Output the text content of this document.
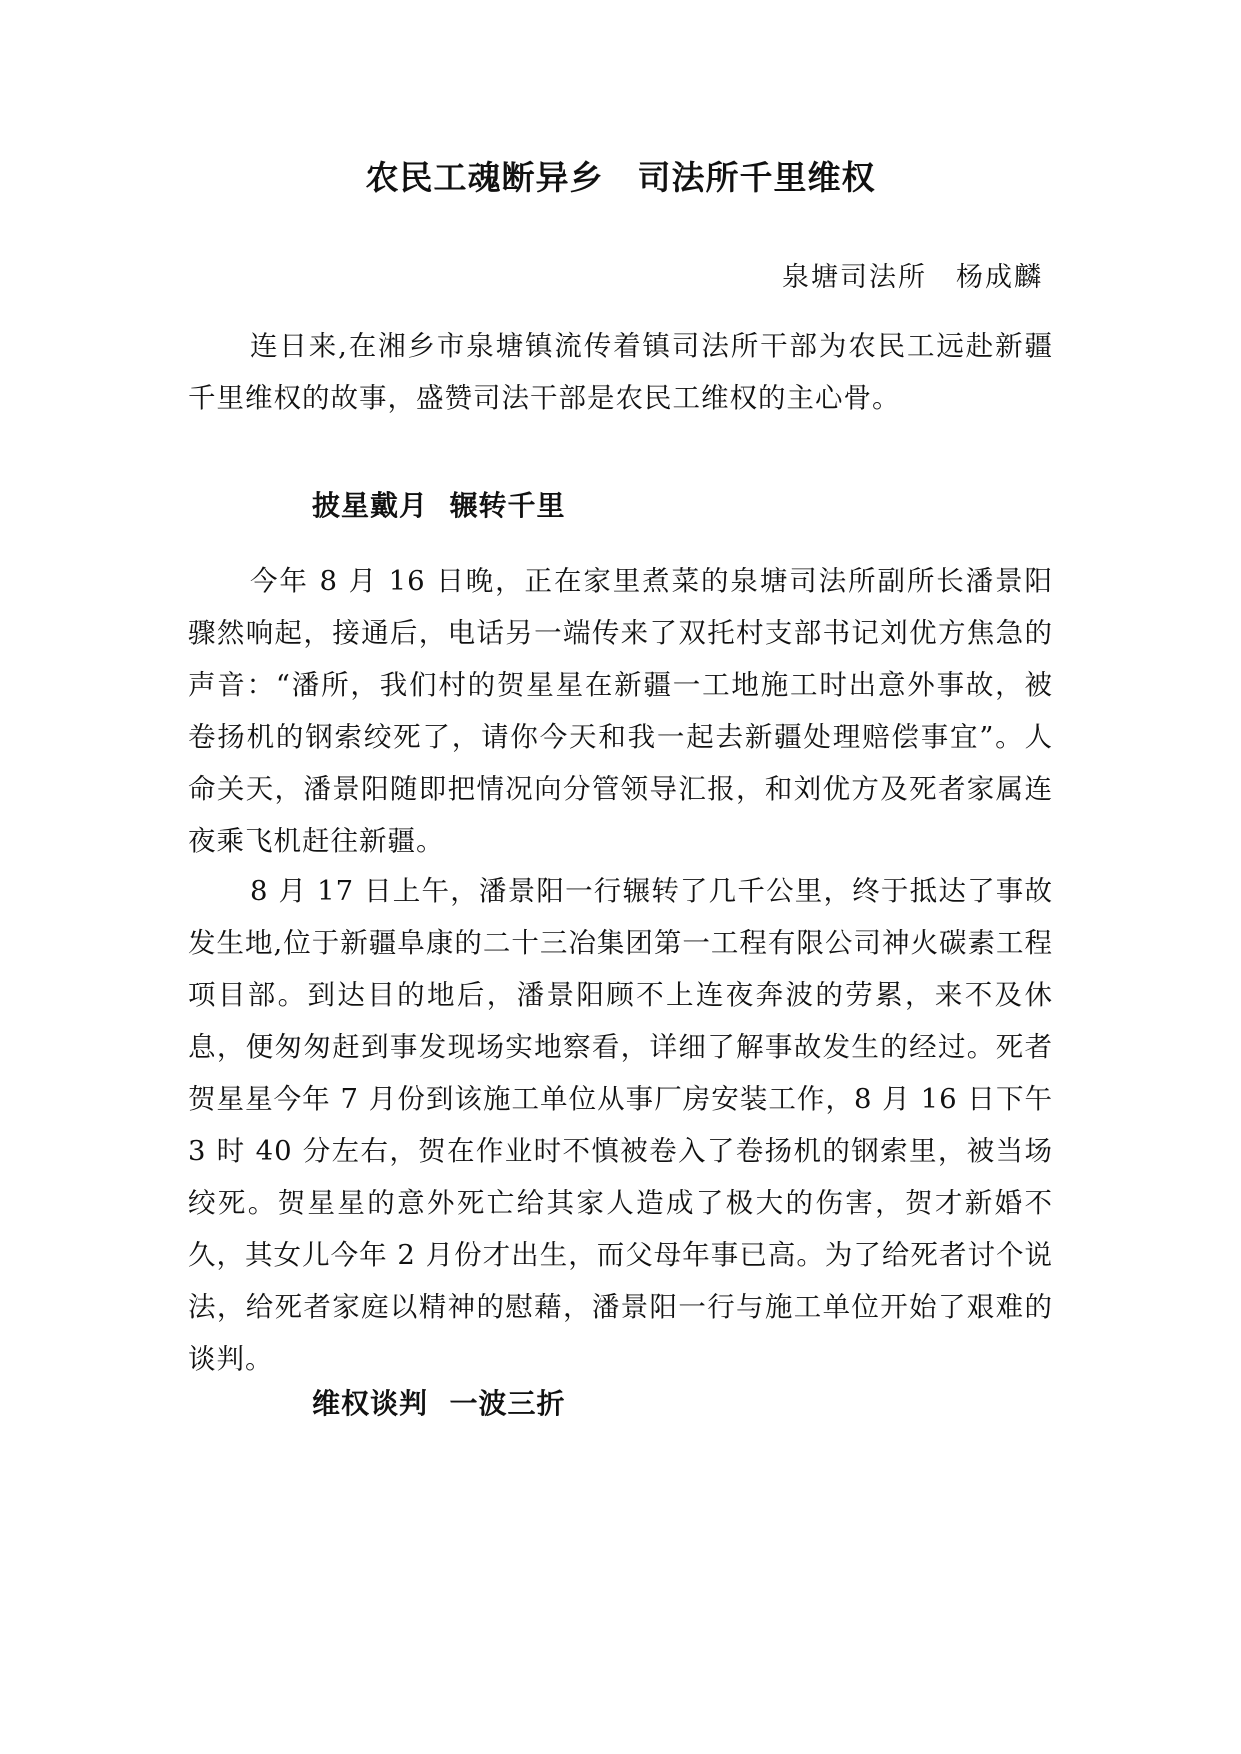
农民工魂断异乡　司法所千里维权
泉塘司法所　杨成麟

连日来,在湘乡市泉塘镇流传着镇司法所干部为农民工远赴新疆千里维权的故事，盛赞司法干部是农民工维权的主心骨。

披星戴月  辗转千里

今年 8 月 16 日晚，正在家里煮菜的泉塘司法所副所长潘景阳骤然响起，接通后，电话另一端传来了双托村支部书记刘优方焦急的声音：“潘所，我们村的贺星星在新疆一工地施工时出意外事故，被卷扬机的钢索绞死了，请你今天和我一起去新疆处理赔偿事宜”。人命关天，潘景阳随即把情况向分管领导汇报，和刘优方及死者家属连夜乘飞机赶往新疆。

8 月 17 日上午，潘景阳一行辗转了几千公里，终于抵达了事故发生地,位于新疆阜康的二十三冶集团第一工程有限公司神火碳素工程项目部。到达目的地后，潘景阳顾不上连夜奔波的劳累，来不及休息，便匆匆赶到事发现场实地察看，详细了解事故发生的经过。死者贺星星今年 7 月份到该施工单位从事厂房安装工作，8 月 16 日下午 3 时 40 分左右，贺在作业时不慎被卷入了卷扬机的钢索里，被当场绞死。贺星星的意外死亡给其家人造成了极大的伤害，贺才新婚不久，其女儿今年 2 月份才出生，而父母年事已高。为了给死者讨个说法，给死者家庭以精神的慰藉，潘景阳一行与施工单位开始了艰难的谈判。

维权谈判  一波三折
